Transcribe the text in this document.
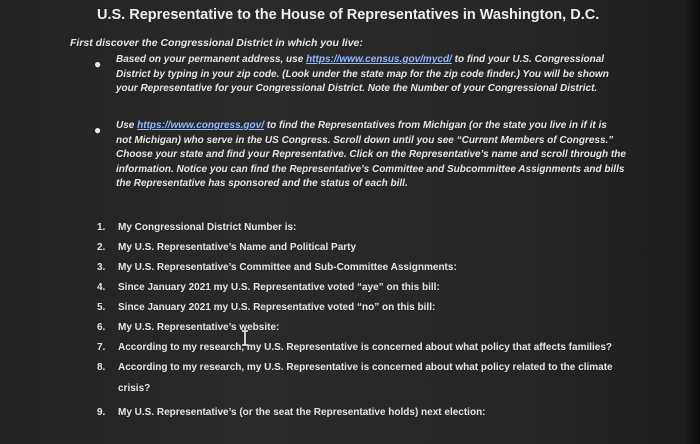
U.S. Representative to the House of Representatives in Washington, D.C.

First discover the Congressional District in which you live:

● Based on your permanent address, use https://www.census.gov/mycd/ to find your U.S. Congressional
District by typing in your zip code. (Look under the state map for the zip code finder.) You will be shown
your Representative for your Congressional District. Note the Number of your Congressional District.

● Use https://www.congress.gov/ to find the Representatives from Michigan (or the state you live in if it is
not Michigan) who serve in the US Congress. Scroll down until you see “Current Members of Congress.”
Choose your state and find your Representative. Click on the Representative’s name and scroll through the
information. Notice you can find the Representative’s Committee and Subcommittee Assignments and bills
the Representative has sponsored and the status of each bill.

1. My Congressional District Number is:
2. My U.S. Representative’s Name and Political Party
3. My U.S. Representative’s Committee and Sub-Committee Assignments:
4. Since January 2021 my U.S. Representative voted “aye” on this bill:
5. Since January 2021 my U.S. Representative voted “no” on this bill:
6. My U.S. Representative’s website:
7. According to my research, my U.S. Representative is concerned about what policy that affects families?
8. According to my research, my U.S. Representative is concerned about what policy related to the climate
crisis?
9. My U.S. Representative’s (or the seat the Representative holds) next election:
